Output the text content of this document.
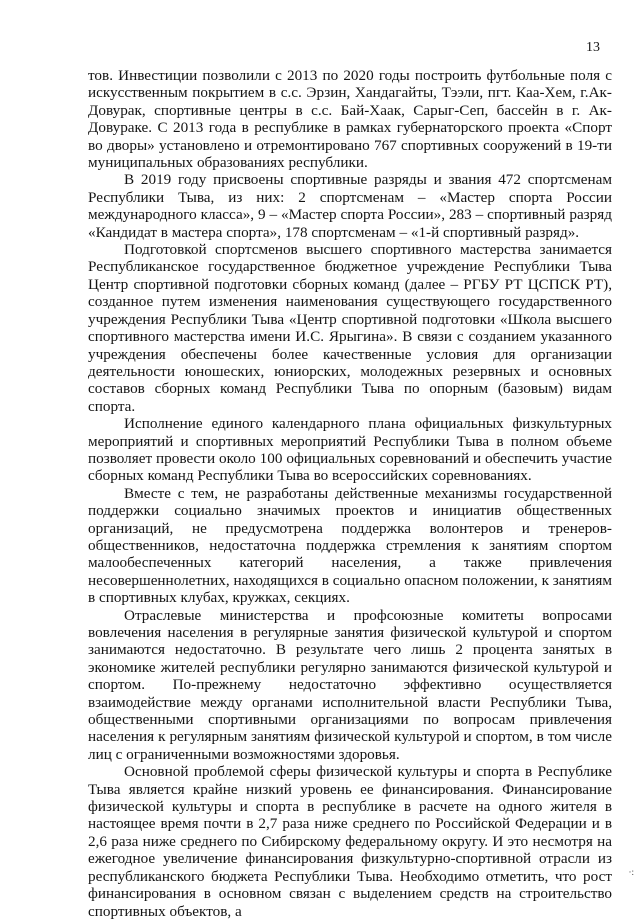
13

тов. Инвестиции позволили с 2013 по 2020 годы построить футбольные поля с искусственным покрытием в с.с. Эрзин, Хандагайты, Тээли, пгт. Каа-Хем, г.Ак-Довурак, спортивные центры в с.с. Бай-Хаак, Сарыг-Сеп, бассейн в г. Ак-Довураке. С 2013 года в республике в рамках губернаторского проекта «Спорт во дворы» установлено и отремонтировано 767 спортивных сооружений в 19-ти муниципальных образованиях республики.

В 2019 году присвоены спортивные разряды и звания 472 спортсменам Республики Тыва, из них: 2 спортсменам – «Мастер спорта России международного класса», 9 – «Мастер спорта России», 283 – спортивный разряд «Кандидат в мастера спорта», 178 спортсменам – «1-й спортивный разряд».

Подготовкой спортсменов высшего спортивного мастерства занимается Республиканское государственное бюджетное учреждение Республики Тыва Центр спортивной подготовки сборных команд (далее – РГБУ РТ ЦСПСК РТ), созданное путем изменения наименования существующего государственного учреждения Республики Тыва «Центр спортивной подготовки «Школа высшего спортивного мастерства имени И.С. Ярыгина». В связи с созданием указанного учреждения обеспечены более качественные условия для организации деятельности юношеских, юниорских, молодежных резервных и основных составов сборных команд Республики Тыва по опорным (базовым) видам спорта.

Исполнение единого календарного плана официальных физкультурных мероприятий и спортивных мероприятий Республики Тыва в полном объеме позволяет провести около 100 официальных соревнований и обеспечить участие сборных команд Республики Тыва во всероссийских соревнованиях.

Вместе с тем, не разработаны действенные механизмы государственной поддержки социально значимых проектов и инициатив общественных организаций, не предусмотрена поддержка волонтеров и тренеров-общественников, недостаточна поддержка стремления к занятиям спортом малообеспеченных категорий населения, а также привлечения несовершеннолетних, находящихся в социально опасном положении, к занятиям в спортивных клубах, кружках, секциях.

Отраслевые министерства и профсоюзные комитеты вопросами вовлечения населения в регулярные занятия физической культурой и спортом занимаются недостаточно. В результате чего лишь 2 процента занятых в экономике жителей республики регулярно занимаются физической культурой и спортом. По-прежнему недостаточно эффективно осуществляется взаимодействие между органами исполнительной власти Республики Тыва, общественными спортивными организациями по вопросам привлечения населения к регулярным занятиям физической культурой и спортом, в том числе лиц с ограниченными возможностями здоровья.

Основной проблемой сферы физической культуры и спорта в Республике Тыва является крайне низкий уровень ее финансирования. Финансирование физической культуры и спорта в республике в расчете на одного жителя в настоящее время почти в 2,7 раза ниже среднего по Российской Федерации и в 2,6 раза ниже среднего по Сибирскому федеральному округу. И это несмотря на ежегодное увеличение финансирования физкультурно-спортивной отрасли из республиканского бюджета Республики Тыва. Необходимо отметить, что рост финансирования в основном связан с выделением средств на строительство спортивных объектов, а

·:
